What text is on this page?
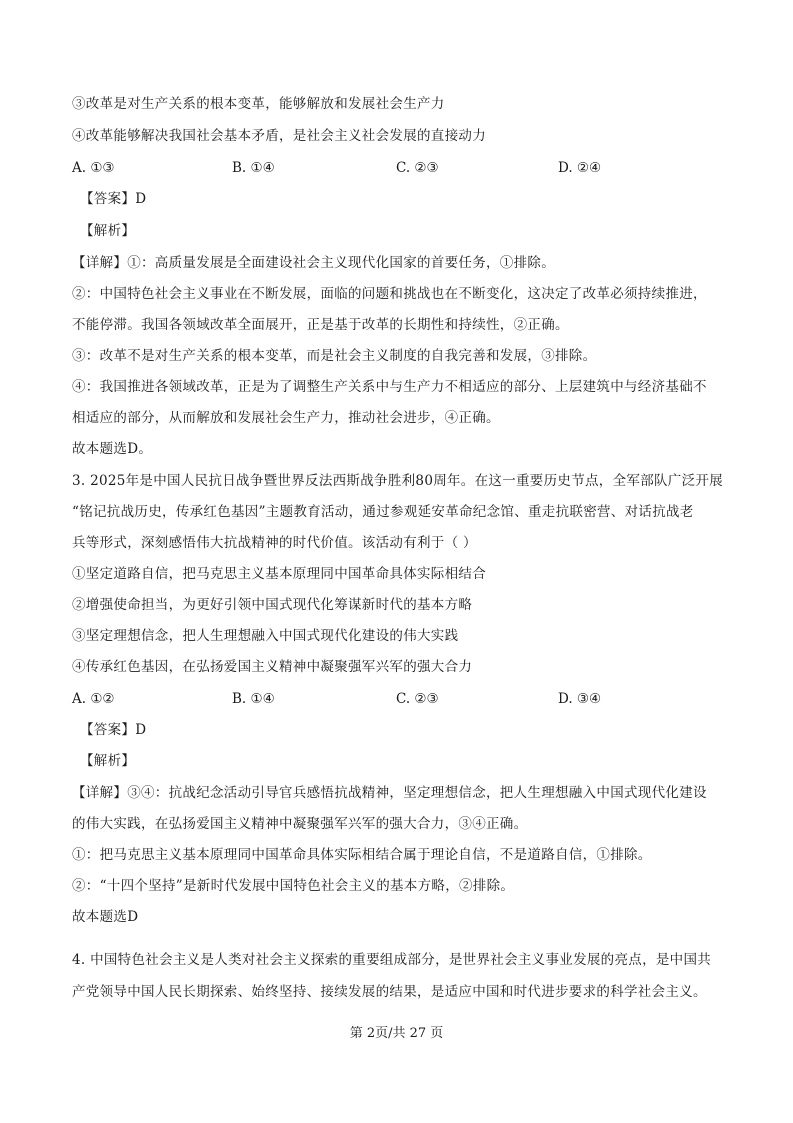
③改革是对生产关系的根本变革，能够解放和发展社会生产力
④改革能够解决我国社会基本矛盾，是社会主义社会发展的直接动力
A. ①③	B. ①④	C. ②③	D. ②④
【答案】D
【解析】
【详解】①：高质量发展是全面建设社会主义现代化国家的首要任务，①排除。
②：中国特色社会主义事业在不断发展，面临的问题和挑战也在不断变化，这决定了改革必须持续推进，
不能停滞。我国各领域改革全面展开，正是基于改革的长期性和持续性，②正确。
③：改革不是对生产关系的根本变革，而是社会主义制度的自我完善和发展，③排除。
④：我国推进各领域改革，正是为了调整生产关系中与生产力不相适应的部分、上层建筑中与经济基础不
相适应的部分，从而解放和发展社会生产力，推动社会进步，④正确。
故本题选D。
3. 2025年是中国人民抗日战争暨世界反法西斯战争胜利80周年。在这一重要历史节点，全军部队广泛开展
“铭记抗战历史，传承红色基因”主题教育活动，通过参观延安革命纪念馆、重走抗联密营、对话抗战老
兵等形式，深刻感悟伟大抗战精神的时代价值。该活动有利于（ ）
①坚定道路自信，把马克思主义基本原理同中国革命具体实际相结合
②增强使命担当，为更好引领中国式现代化筹谋新时代的基本方略
③坚定理想信念，把人生理想融入中国式现代化建设的伟大实践
④传承红色基因，在弘扬爱国主义精神中凝聚强军兴军的强大合力
A. ①②	B. ①④	C. ②③	D. ③④
【答案】D
【解析】
【详解】③④：抗战纪念活动引导官兵感悟抗战精神，坚定理想信念，把人生理想融入中国式现代化建设
的伟大实践，在弘扬爱国主义精神中凝聚强军兴军的强大合力，③④正确。
①：把马克思主义基本原理同中国革命具体实际相结合属于理论自信，不是道路自信，①排除。
②：“十四个坚持”是新时代发展中国特色社会主义的基本方略，②排除。
故本题选D
4. 中国特色社会主义是人类对社会主义探索的重要组成部分，是世界社会主义事业发展的亮点，是中国共
产党领导中国人民长期探索、始终坚持、接续发展的结果，是适应中国和时代进步要求的科学社会主义。
第 2页/共 27 页
